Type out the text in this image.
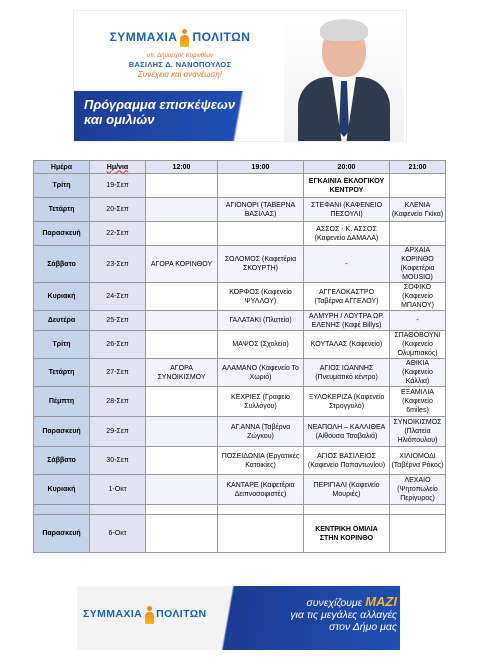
ΣΥΜΜΑΧΙΑ ΠΟΛΙΤΩΝ
υπ. Δήμαρχος Κορινθίων
ΒΑΣΙΛΗΣ Δ. ΝΑΝΟΠΟΥΛΟΣ
Συνέχεια και ανανέωση!
Πρόγραμμα επισκέψεων
και ομιλιών
Ημέρα	Ημ/νια	12:00	19:00	20:00	21:00
Τρίτη	19-Σεπ			ΕΓΚΑΙΝΙΑ ΕΚΛΟΓΙΚΟΥ ΚΕΝΤΡΟΥ	
Τετάρτη	20-Σεπ		ΑΓΙΟΝΟΡΙ (ΤΑΒΕΡΝΑ ΒΑΣΙΛΑΣ)	ΣΤΕΦΑΝΙ (ΚΑΦΕΝΕΙΟ ΠΕΣΟΥΛΙ)	ΚΛΕΝΙΑ (Καφενείο Γκίκα)
Παρασκευή	22-Σεπ			ΑΣΣΟΣ - Κ. ΑΣΣΟΣ (Καφενείο ΔΑΜΑΛΑ)	
Σάββατο	23-Σεπ	ΑΓΟΡΑ ΚΟΡΙΝΘΟΥ	ΣΟΛΟΜΟΣ (Καφετέρια ΣΚΟΥΡΤΗ)	-	ΑΡΧΑΙΑ ΚΟΡΙΝΘΟ (Καφετέρια MOUSIO)
Κυριακή	24-Σεπ		ΚΟΡΦΟΣ (Καφενείο ΨΥΛΛΟΥ)	ΑΓΓΕΛΟΚΑΣΤΡΟ (Ταβέρνα ΑΓΓΕΛΟΥ)	ΣΟΦΙΚΟ (Καφενείο ΜΠΑΝΟΥ)
Δευτέρα	25-Σεπ		ΓΑΛΑΤΑΚΙ (Πλατεία)	ΑΛΜΥΡΗ / ΛΟΥΤΡΑ ΩΡ. ΕΛΕΝΗΣ (Καφέ Billys)	-
Τρίτη	26-Σεπ		ΜΑΨΟΣ (Σχολείο)	ΚΟΥΤΑΛΑΣ (Καφενείο)	ΣΠΑΘΟΒΟΥΝΙ (Καφενείο Ολυμπιακός)
Τετάρτη	27-Σεπ	ΑΓΟΡΑ ΣΥΝΟΙΚΙΣΜΟΥ	ΑΛΑΜΑΝΟ (Καφενείο Το Χωριό)	ΑΓΙΟΣ ΙΩΑΝΝΗΣ (Πνευματικό κέντρο)	ΑΘΙΚΙΑ (Καφενείο Κάλλια)
Πέμπτη	28-Σεπ		ΚΕΧΡΙΕΣ (Γραφείο Συλλόγου)	ΞΥΛΟΚΕΡΙΖΑ (Καφενείο Στρογγυλό)	ΕΞΑΜΙΛΙΑ (Καφενείο 6miles)
Παρασκευή	29-Σεπ		ΑΓ.ΑΝΝΑ (Ταβέρνα Ζώγκου)	ΝΕΑΠΟΛΗ – ΚΑΛΛΙΘΕΑ (Αίθουσα Τσαβαλιά)	ΣΥΝΟΙΚΙΣΜΟΣ (Πλατεία Ηλιόπουλου)
Σάββατο	30-Σεπ		ΠΟΣΕΙΔΩΝΙΑ (Εργατικές Κατοικίες)	ΑΓΙΟΣ ΒΑΣΙΛΕΙΟΣ (Καφενείο Παπαντωνίου)	ΧΙΛΙΟΜΟΔΙ (Ταβέρνα Ρόκος)
Κυριακή	1-Οκτ		ΚΑΝΤΑΡΕ (Καφετέρια Δειπνοσοφιστές)	ΠΕΡΙΓΙΑΛΙ (Καφενείο Μουριές)	ΛΕΧΑΙΟ (Ψητοπωλείο Περίγυρος)

Παρασκευή	6-Οκτ			ΚΕΝΤΡΙΚΗ ΟΜΙΛΙΑ ΣΤΗΝ ΚΟΡΙΝΘΟ	
ΣΥΜΜΑΧΙΑ ΠΟΛΙΤΩΝ
συνεχίζουμε ΜΑΖΙ
για τις μεγάλες αλλαγές
στον Δήμο μας
